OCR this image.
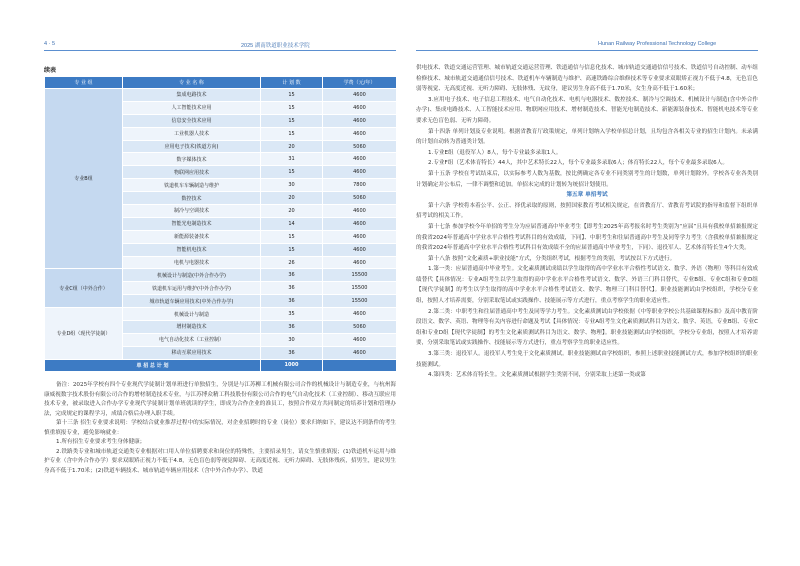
4 · 5	2025 湖南铁道职业技术学院	Hunan Railway Professional Technology College
续表
专 业 组	专 业 名 称	计 划 数	学费（元/年）
专业B组	集成电路技术	15	4600
	人工智能技术应用	15	4600
	信息安全技术应用	15	4600
	工业机器人技术	15	4600
	应用电子技术(铁道方向)	20	5060
	数字媒体技术	31	4600
	物联网应用技术	15	4600
	铁道机车车辆制造与维护	30	7800
	数控技术	20	5060
	制冷与空调技术	20	4600
	智能光电制造技术	14	4600
	新能源装备技术	15	4600
	智能机电技术	15	4600
	电机与电器技术	26	4600
专业C组（中外合作）	机械设计与制造(中外合作办学)	36	15500
	铁道机车运用与维护(中外合作办学)	36	15500
	城市轨道车辆应用技术(中外合作办学)	36	15500
专业D组（现代学徒制）	机械设计与制造	35	4600
	增材制造技术	36	5060
	电气自动化技术（工业控制）	30	4600
	移动互联应用技术	36	4600
单 招 总 计 划		1000	

备注：2025年学校有四个专业现代学徒制计划单班进行单独招生，分别是与江苏柳工机械有限公司合作的机械设计与制造专业，与杭州海康威视数字技术股份有限公司合作的增材制造技术专业，与江苏博众精工科技股份有限公司合作的电气自动化技术（工业控制）、移动互联应用技术专业，被录取进入合作办学专业现代学徒制计划单班就读的学生，即成为合作企业的准员工，按照合作双方共同制定的培养计划和管理办法，完成规定的课程学习，成绩合格后办理入职手续。

第十三条 招生专业要求说明：学校结合就业推荐过程中的实际情况，对企业招聘时的专业（岗位）要求归纳如下，建议达不到条件的考生慎重填报专业，避免影响就业：

1.所有招生专业要求考生身体健康；

2.铁路类专业和城市轨道交通类专业根据对口用人单位招聘要求和岗位的特殊性，主要招录男生，请女生慎重填报；(1)铁道机车运用与维护专业（含中外合作办学）要求双眼矫正视力不低于4.8，无色盲色弱等视觉障碍、无高度近视、无听力障碍、无肢体残疾，招男生，建议男生身高不低于1.70米；(2)铁道车辆技术、城市轨道车辆应用技术（含中外合作办学）、铁道

供电技术、铁道交通运营管理、城市轨道交通运营管理、铁道通信与信息化技术、城市轨道交通通信信号技术、铁道信号自动控制、动车组检修技术、城市轨道交通通信信号技术、铁道机车车辆制造与维护、高速铁路综合维修技术等专业要求双眼矫正视力不低于4.8，无色盲色弱等视觉、无高度近视、无听力障碍、无肢体残、无纹身，建议男生身高不低于1.70米，女生身高不低于1.60米；

3.应用电子技术、电子信息工程技术、电气自动化技术、电机与电器技术、数控技术、制冷与空调技术、机械设计与制造(含中外合作办学)、集成电路技术、人工智能技术应用、物联网应用技术、增材制造技术、智能光电制造技术、新能源装备技术、智能机电技术等专业要求无色盲色弱、无听力障碍。

第十四条 单列计划及专业说明。根据省教育厅政策规定，单列计划纳入学校单招总计划，且均包含各相关专业的招生计划内。未录满的计划自动转为普通类计划。

1.专业E组（退役军人）8人，每个专业最多录取1人。

2.专业F组（艺术体育特长）44人，其中艺术特长22人，每个专业最多录取6人；体育特长22人，每个专业最多录取6人。

第十五条 学校在考试结束后，以实际参考人数为基数，按比例确定各专业不同类别考生的计划数，单列计划除外。学校各专业各类别计划确定并公布后，一律不调整和追加。单招未完成的计划转为统招计划使用。

第五章 单招考试

第十六条 学校将本着公平、公正、择优录取的原则，按照国家教育考试相关规定，在省教育厅、省教育考试院的指导和监督下组织单招考试的相关工作。

第十七条 参加学校今年单招的考生分为应届普通高中毕业考生【即考生2025年高考报名时考生类别为“应届”且具有我校单招兼报规定的我省2024年普通高中学业水平合格性考试科目的有效成绩，下同】、中职考生和往届普通高中考生及同等学力考生（含我校单招兼报规定的我省2024年普通高中学业水平合格性考试科目有效成绩不全的应届普通高中毕业考生，下同）、退役军人、艺术体育特长生4个大类。

第十八条 按照“文化素质+职业技能”方式，分类组织考试，根据考生的类别，考试按以下方式进行。

1.第一类：应届普通高中毕业考生。文化素质测试成绩以学生取得的高中学业水平合格性考试语文、数学、外语（物理）等科目有效成绩替代【具体情况：专业A组考生以学生取得的高中学业水平合格性考试语文、数学、外语三门科目替代，专业B组、专业C组和专业D组【现代学徒制】的考生以学生取得的高中学业水平合格性考试语文、数学、物理三门科目替代】。职业技能测试由学校组织，学校分专业组，按照人才培养需要，分别采取笔试或实践操作、技能展示等方式进行，重点考察学生的职业适应性。

2.第二类：中职考生和往届普通高中考生及同等学力考生。文化素质测试由学校依据《中等职业学校公共基础课程标准》及高中教育阶段语文、数学、英语、物理等有关内容进行命题及考试【具体情况：专业A组考生文化素质测试科目为语文、数学、英语，专业B组、专业C组和专业D组【现代学徒制】的考生文化素质测试科目为语文、数学、物理】。职业技能测试由学校组织，学校分专业组，按照人才培养需要，分别采取笔试或实践操作、技能展示等方式进行，重点考察学生的职业适应性。

3.第三类：退役军人。退役军人考生免于文化素质测试。职业技能测试由学校组织，参照上述职业技能测试方式，参加学校组织的职业技能测试。

4.第四类：艺术体育特长生。文化素质测试根据学生类别不同，分别采取上述第一类或第
